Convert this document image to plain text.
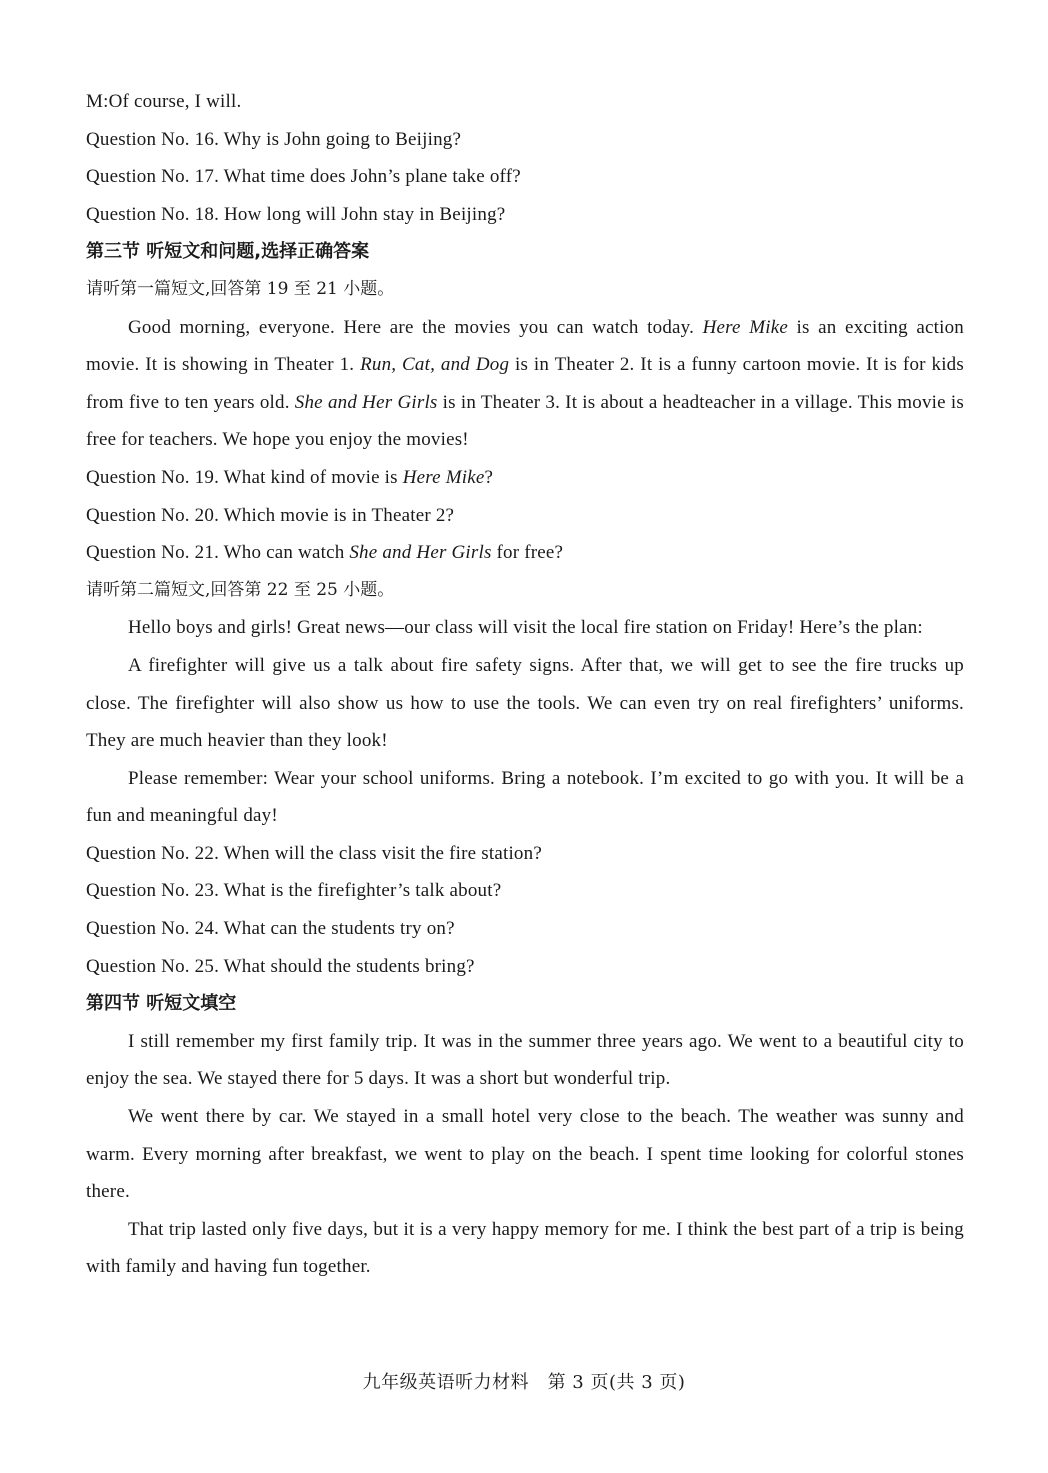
M:Of course, I will.
Question No. 16. Why is John going to Beijing?
Question No. 17. What time does John’s plane take off?
Question No. 18. How long will John stay in Beijing?
第三节 听短文和问题,选择正确答案
请听第一篇短文,回答第 19 至 21 小题。
Good morning, everyone. Here are the movies you can watch today. Here Mike is an exciting action movie. It is showing in Theater 1. Run, Cat, and Dog is in Theater 2. It is a funny cartoon movie. It is for kids from five to ten years old. She and Her Girls is in Theater 3. It is about a headteacher in a village. This movie is free for teachers. We hope you enjoy the movies!
Question No. 19. What kind of movie is Here Mike?
Question No. 20. Which movie is in Theater 2?
Question No. 21. Who can watch She and Her Girls for free?
请听第二篇短文,回答第 22 至 25 小题。
Hello boys and girls! Great news—our class will visit the local fire station on Friday! Here’s the plan:
A firefighter will give us a talk about fire safety signs. After that, we will get to see the fire trucks up close. The firefighter will also show us how to use the tools. We can even try on real firefighters’ uniforms. They are much heavier than they look!
Please remember: Wear your school uniforms. Bring a notebook. I’m excited to go with you. It will be a fun and meaningful day!
Question No. 22. When will the class visit the fire station?
Question No. 23. What is the firefighter’s talk about?
Question No. 24. What can the students try on?
Question No. 25. What should the students bring?
第四节 听短文填空
I still remember my first family trip. It was in the summer three years ago. We went to a beautiful city to enjoy the sea. We stayed there for 5 days. It was a short but wonderful trip.
We went there by car. We stayed in a small hotel very close to the beach. The weather was sunny and warm. Every morning after breakfast, we went to play on the beach. I spent time looking for colorful stones there.
That trip lasted only five days, but it is a very happy memory for me. I think the best part of a trip is being with family and having fun together.
九年级英语听力材料　第 3 页(共 3 页)
